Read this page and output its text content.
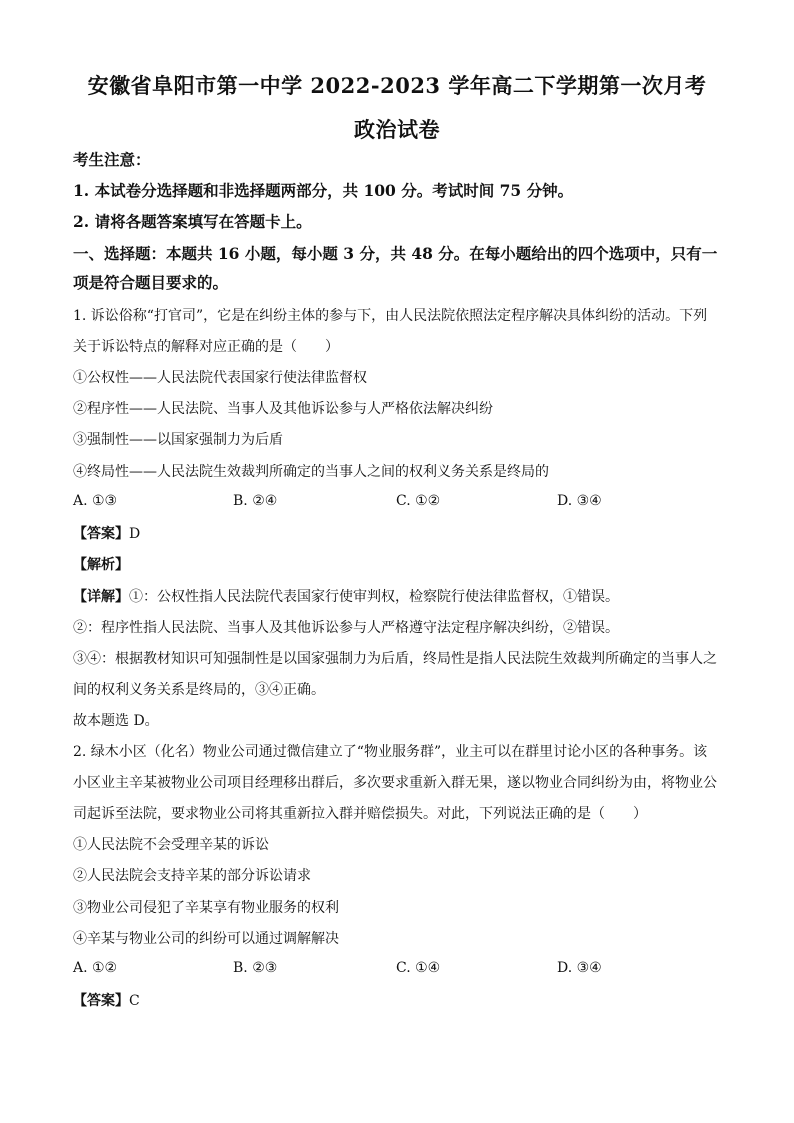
安徽省阜阳市第一中学 2022-2023 学年高二下学期第一次月考
政治试卷
考生注意：
1. 本试卷分选择题和非选择题两部分，共 100 分。考试时间 75 分钟。
2. 请将各题答案填写在答题卡上。
一、选择题：本题共 16 小题，每小题 3 分，共 48 分。在每小题给出的四个选项中，只有一
项是符合题目要求的。
1. 诉讼俗称“打官司”，它是在纠纷主体的参与下，由人民法院依照法定程序解决具体纠纷的活动。下列
关于诉讼特点的解释对应正确的是（　　）
①公权性——人民法院代表国家行使法律监督权
②程序性——人民法院、当事人及其他诉讼参与人严格依法解决纠纷
③强制性——以国家强制力为后盾
④终局性——人民法院生效裁判所确定的当事人之间的权利义务关系是终局的
A. ①③	B. ②④	C. ①②	D. ③④
【答案】D
【解析】
【详解】①：公权性指人民法院代表国家行使审判权，检察院行使法律监督权，①错误。
②：程序性指人民法院、当事人及其他诉讼参与人严格遵守法定程序解决纠纷，②错误。
③④：根据教材知识可知强制性是以国家强制力为后盾，终局性是指人民法院生效裁判所确定的当事人之
间的权利义务关系是终局的，③④正确。
故本题选 D。
2. 绿木小区（化名）物业公司通过微信建立了“物业服务群”，业主可以在群里讨论小区的各种事务。该
小区业主辛某被物业公司项目经理移出群后，多次要求重新入群无果，遂以物业合同纠纷为由，将物业公
司起诉至法院，要求物业公司将其重新拉入群并赔偿损失。对此，下列说法正确的是（　　）
①人民法院不会受理辛某的诉讼
②人民法院会支持辛某的部分诉讼请求
③物业公司侵犯了辛某享有物业服务的权利
④辛某与物业公司的纠纷可以通过调解解决
A. ①②	B. ②③	C. ①④	D. ③④
【答案】C
